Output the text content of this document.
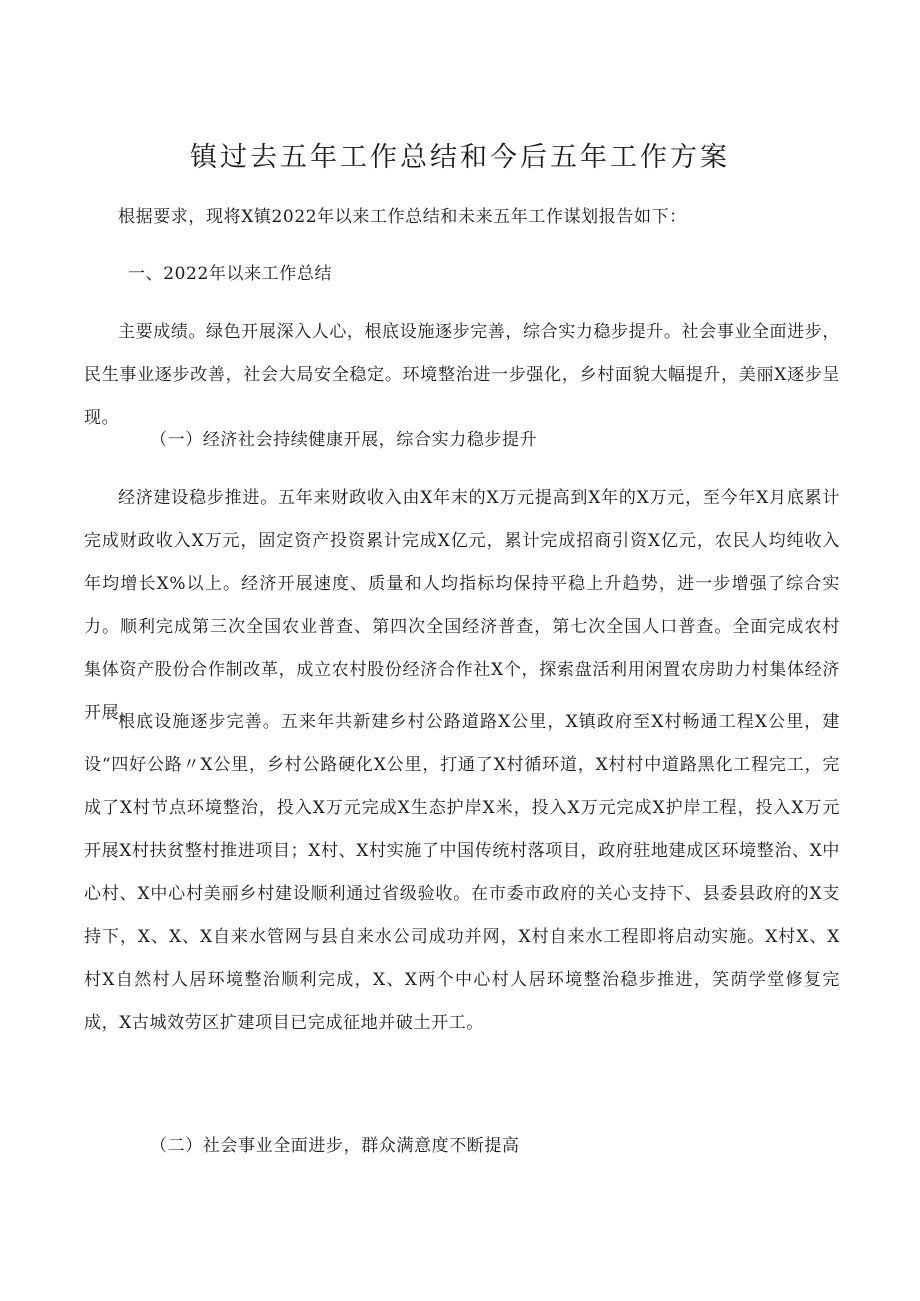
镇过去五年工作总结和今后五年工作方案

根据要求，现将X镇2022年以来工作总结和未来五年工作谋划报告如下：

一、2022年以来工作总结

主要成绩。绿色开展深入人心，根底设施逐步完善，综合实力稳步提升。社会事业全面进步，民生事业逐步改善，社会大局安全稳定。环境整治进一步强化，乡村面貌大幅提升，美丽X逐步呈现。

（一）经济社会持续健康开展，综合实力稳步提升

经济建设稳步推进。五年来财政收入由X年末的X万元提高到X年的X万元，至今年X月底累计完成财政收入X万元，固定资产投资累计完成X亿元，累计完成招商引资X亿元，农民人均纯收入年均增长X%以上。经济开展速度、质量和人均指标均保持平稳上升趋势，进一步增强了综合实力。顺利完成第三次全国农业普查、第四次全国经济普查，第七次全国人口普查。全面完成农村集体资产股份合作制改革，成立农村股份经济合作社X个，探索盘活利用闲置农房助力村集体经济开展。

根底设施逐步完善。五来年共新建乡村公路道路X公里，X镇政府至X村畅通工程X公里，建设“四好公路〃X公里，乡村公路硬化X公里，打通了X村循环道，X村村中道路黑化工程完工，完成了X村节点环境整治，投入X万元完成X生态护岸X米，投入X万元完成X护岸工程，投入X万元开展X村扶贫整村推进项目；X村、X村实施了中国传统村落项目，政府驻地建成区环境整治、X中心村、X中心村美丽乡村建设顺利通过省级验收。在市委市政府的关心支持下、县委县政府的X支持下，X、X、X自来水管网与县自来水公司成功并网，X村自来水工程即将启动实施。X村X、X村X自然村人居环境整治顺利完成，X、X两个中心村人居环境整治稳步推进，笑荫学堂修复完成，X古城效劳区扩建项目已完成征地并破土开工。

（二）社会事业全面进步，群众满意度不断提高
